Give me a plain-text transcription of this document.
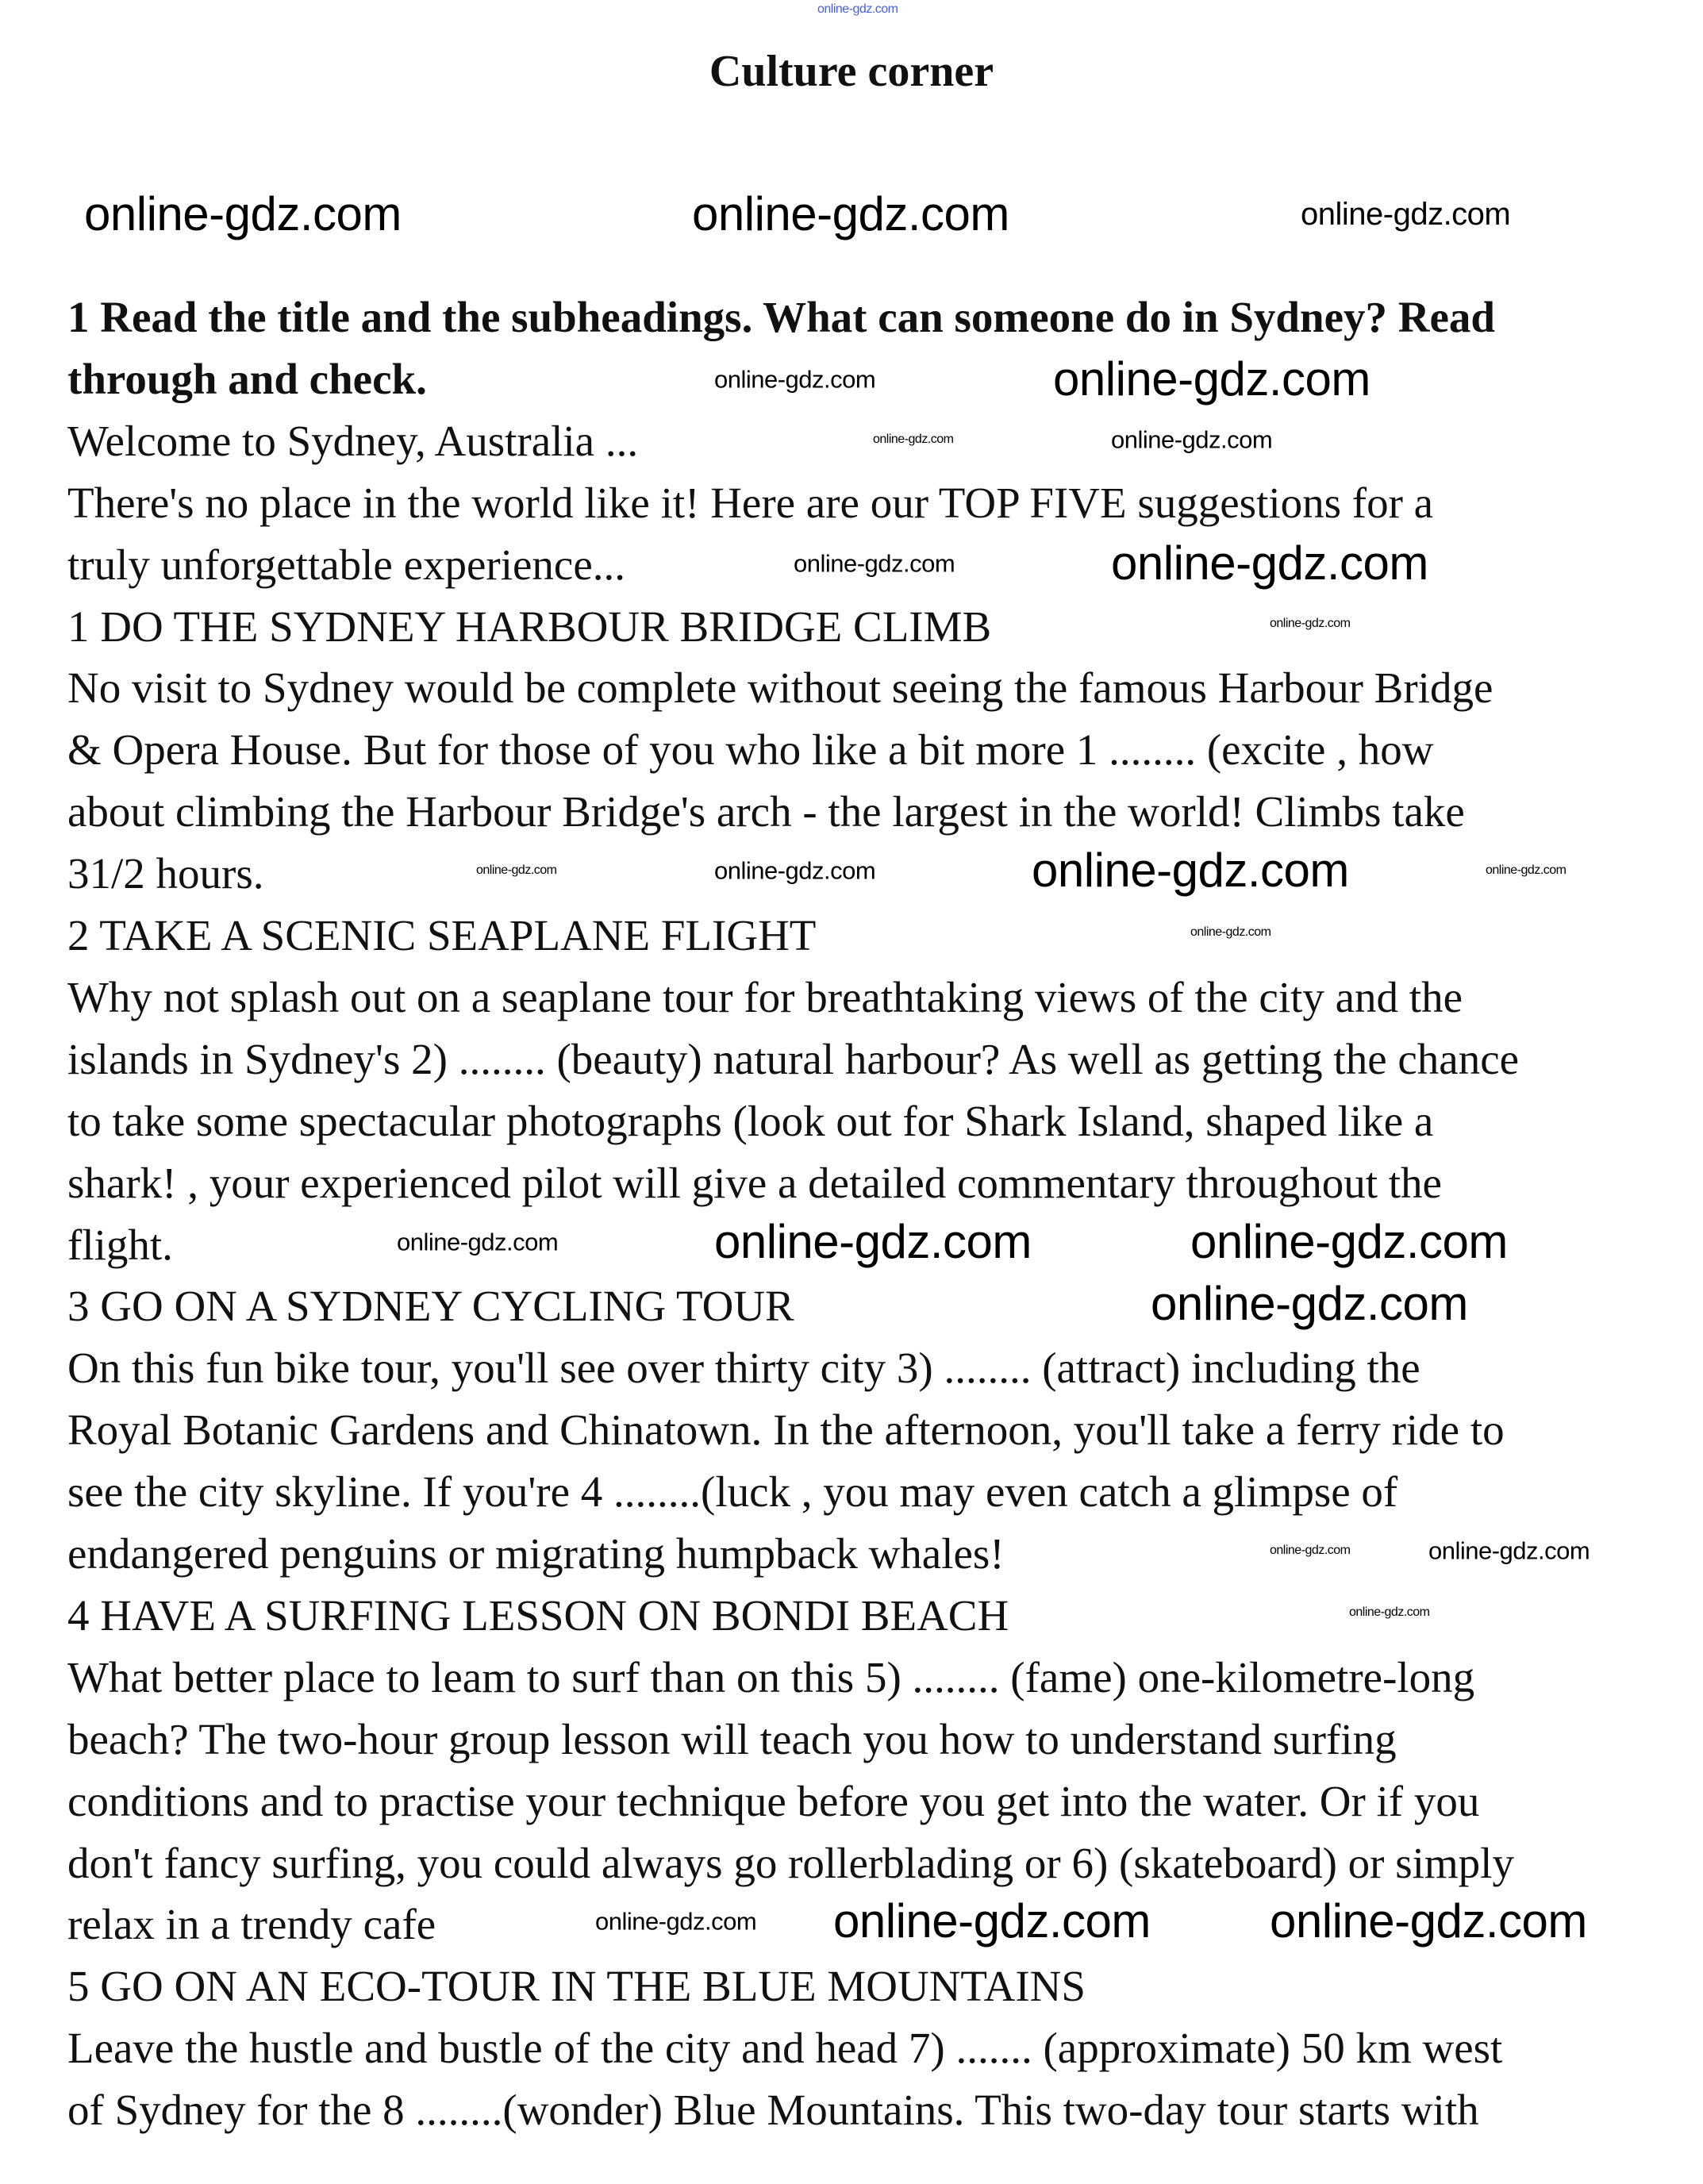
online-gdz.com
Culture corner
1 Read the title and the subheadings. What can someone do in Sydney? Read
through and check.
Welcome to Sydney, Australia ...
There's no place in the world like it! Here are our TOP FIVE suggestions for a
truly unforgettable experience...
1 DO THE SYDNEY HARBOUR BRIDGE CLIMB
No visit to Sydney would be complete without seeing the famous Harbour Bridge
& Opera House. But for those of you who like a bit more 1 ........ (excite , how
about climbing the Harbour Bridge's arch - the largest in the world! Climbs take
31/2 hours.
2 TAKE A SCENIC SEAPLANE FLIGHT
Why not splash out on a seaplane tour for breathtaking views of the city and the
islands in Sydney's 2) ........ (beauty) natural harbour? As well as getting the chance
to take some spectacular photographs (look out for Shark Island, shaped like a
shark! , your experienced pilot will give a detailed commentary throughout the
flight.
3 GO ON A SYDNEY CYCLING TOUR
On this fun bike tour, you'll see over thirty city 3) ........ (attract) including the
Royal Botanic Gardens and Chinatown. In the afternoon, you'll take a ferry ride to
see the city skyline. If you're 4 ........(luck , you may even catch a glimpse of
endangered penguins or migrating humpback whales!
4 HAVE A SURFING LESSON ON BONDI BEACH
What better place to leam to surf than on this 5) ........ (fame) one-kilometre-long
beach? The two-hour group lesson will teach you how to understand surfing
conditions and to practise your technique before you get into the water. Or if you
don't fancy surfing, you could always go rollerblading or 6) (skateboard) or simply
relax in a trendy cafe
5 GO ON AN ECO-TOUR IN THE BLUE MOUNTAINS
Leave the hustle and bustle of the city and head 7) ....... (approximate) 50 km west
of Sydney for the 8 ........(wonder) Blue Mountains. This two-day tour starts with
online-gdz.com	online-gdz.com	online-gdz.com
online-gdz.com	online-gdz.com
online-gdz.com	online-gdz.com
online-gdz.com	online-gdz.com
online-gdz.com
online-gdz.com	online-gdz.com	online-gdz.com	online-gdz.com
online-gdz.com
online-gdz.com	online-gdz.com	online-gdz.com
online-gdz.com
online-gdz.com	online-gdz.com
online-gdz.com
online-gdz.com online-gdz.com	online-gdz.com
